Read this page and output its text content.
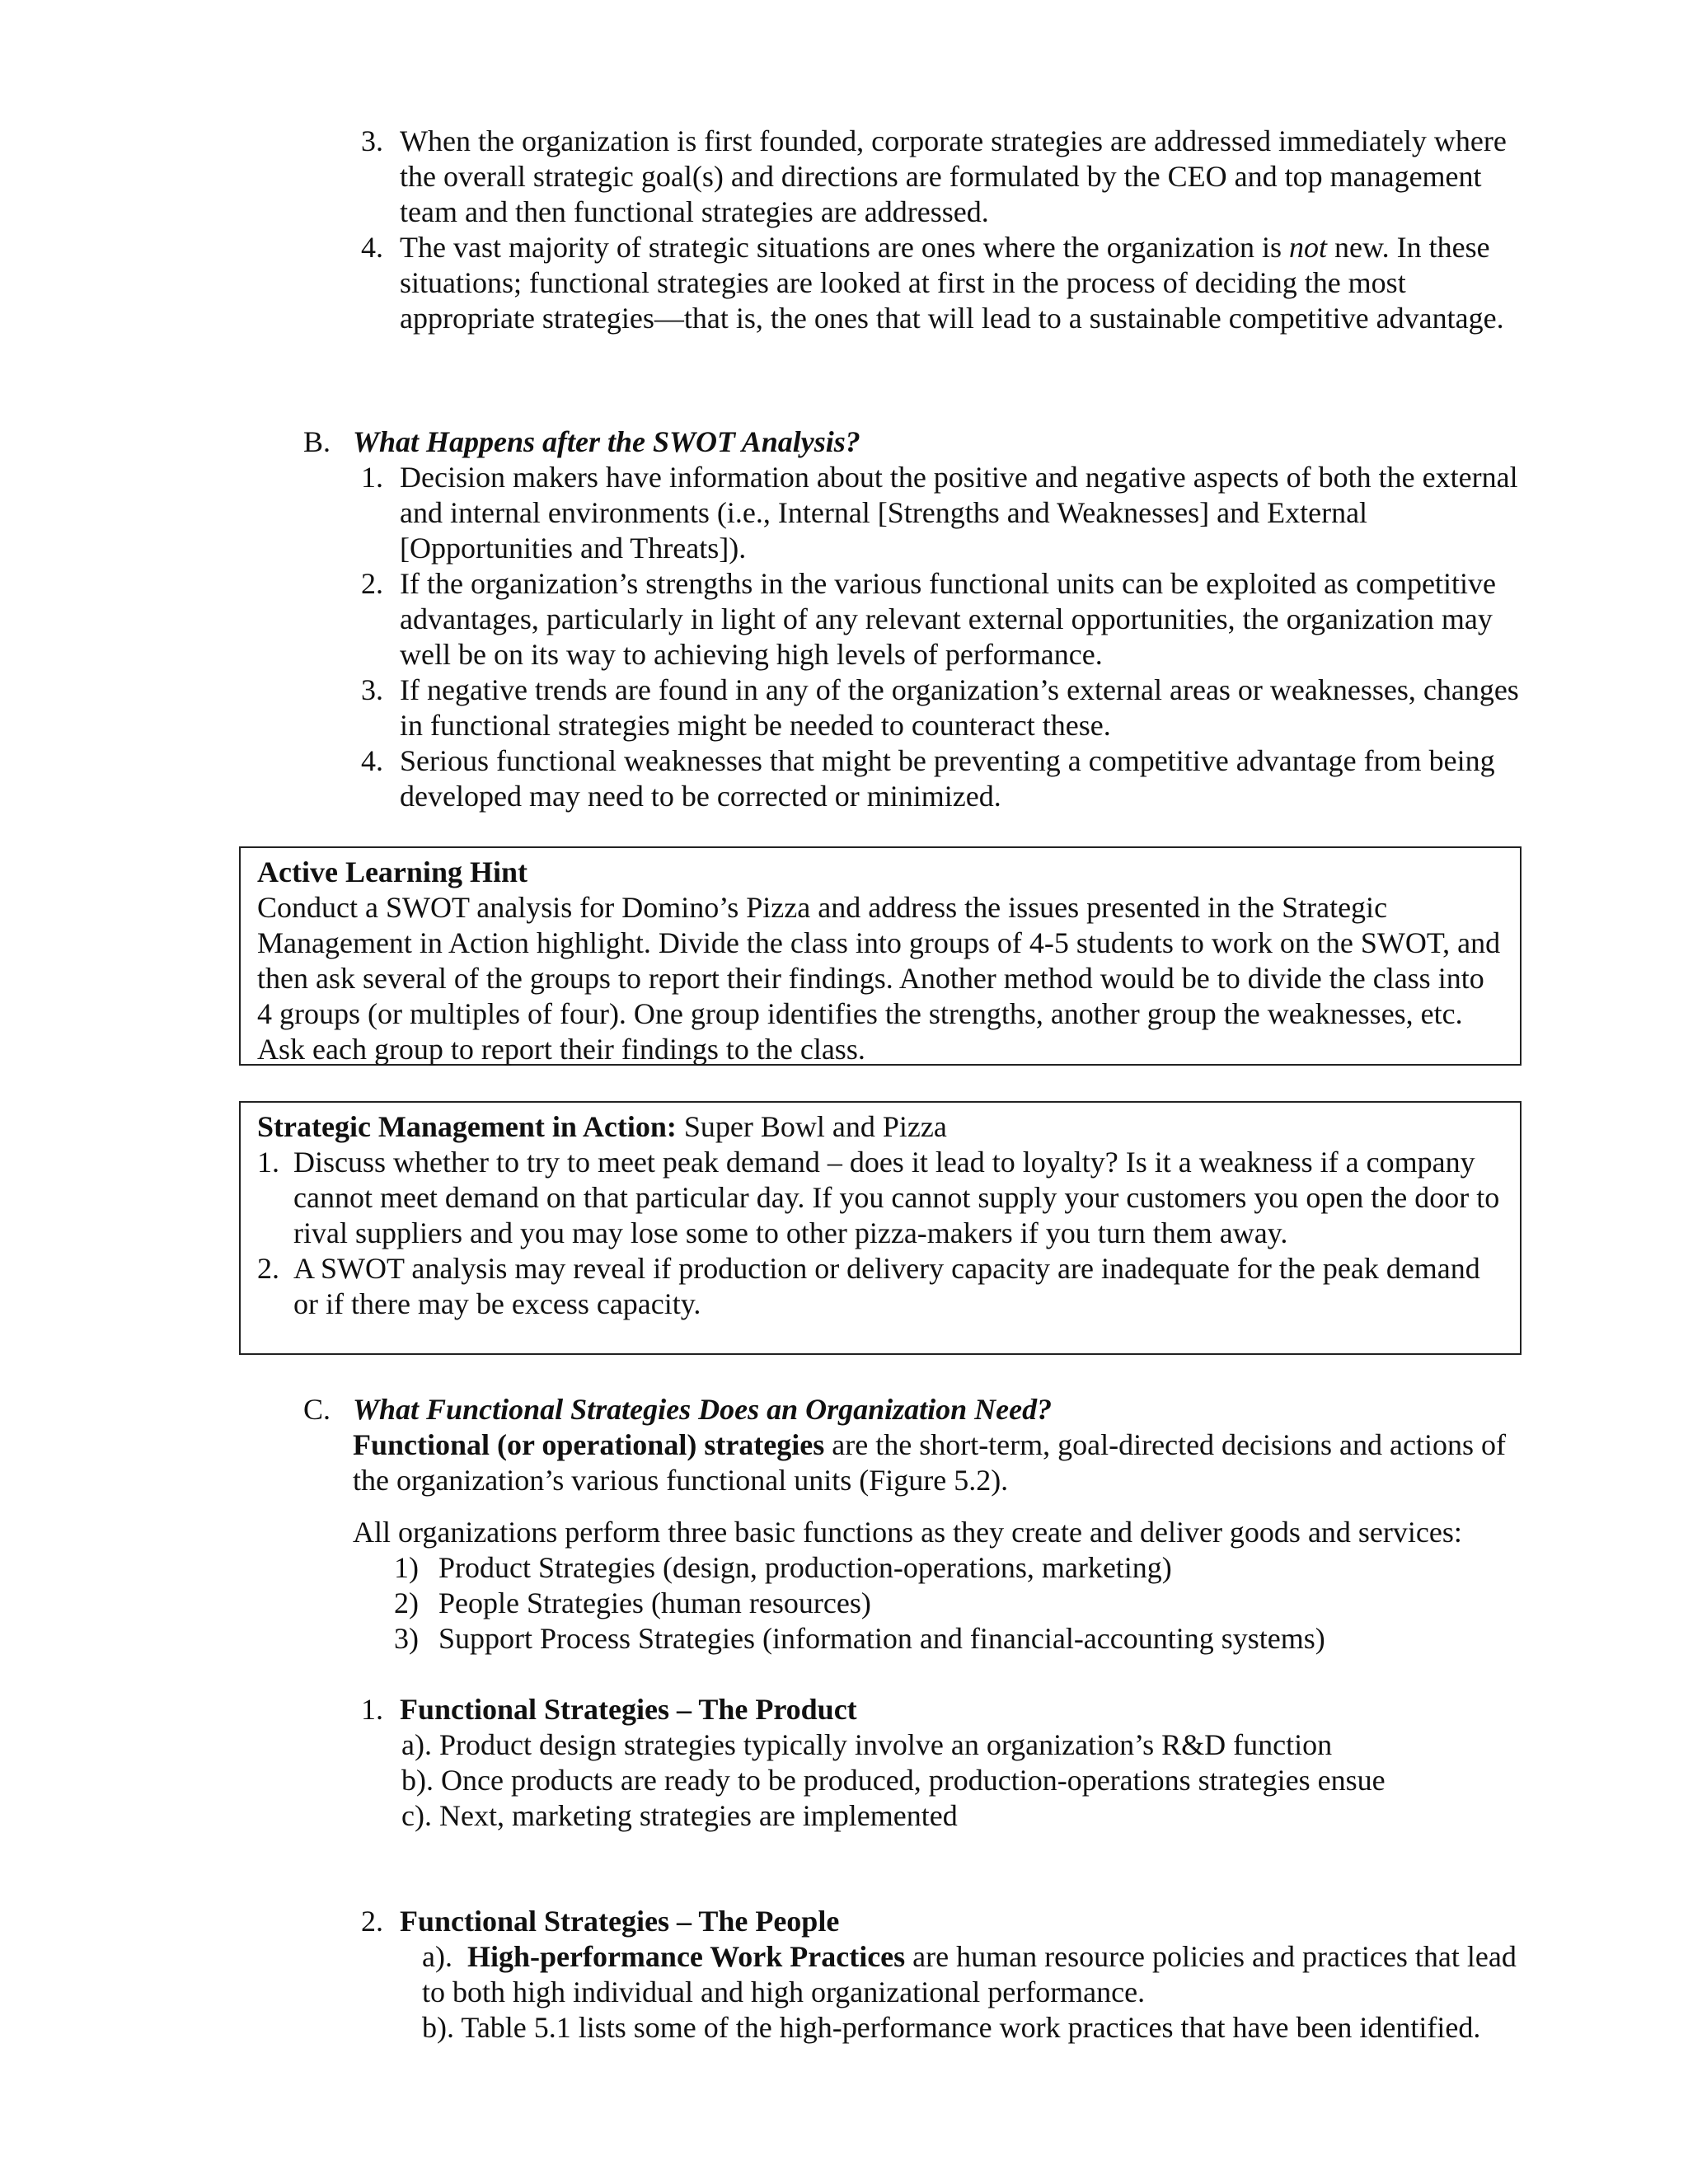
3. When the organization is first founded, corporate strategies are addressed immediately where the overall strategic goal(s) and directions are formulated by the CEO and top management team and then functional strategies are addressed.
4. The vast majority of strategic situations are ones where the organization is not new. In these situations; functional strategies are looked at first in the process of deciding the most appropriate strategies—that is, the ones that will lead to a sustainable competitive advantage.
B. What Happens after the SWOT Analysis?
1. Decision makers have information about the positive and negative aspects of both the external and internal environments (i.e., Internal [Strengths and Weaknesses] and External [Opportunities and Threats]).
2. If the organization’s strengths in the various functional units can be exploited as competitive advantages, particularly in light of any relevant external opportunities, the organization may well be on its way to achieving high levels of performance.
3. If negative trends are found in any of the organization’s external areas or weaknesses, changes in functional strategies might be needed to counteract these.
4. Serious functional weaknesses that might be preventing a competitive advantage from being developed may need to be corrected or minimized.
Active Learning Hint
Conduct a SWOT analysis for Domino’s Pizza and address the issues presented in the Strategic Management in Action highlight. Divide the class into groups of 4-5 students to work on the SWOT, and then ask several of the groups to report their findings. Another method would be to divide the class into 4 groups (or multiples of four). One group identifies the strengths, another group the weaknesses, etc. Ask each group to report their findings to the class.
Strategic Management in Action: Super Bowl and Pizza
1. Discuss whether to try to meet peak demand – does it lead to loyalty? Is it a weakness if a company cannot meet demand on that particular day. If you cannot supply your customers you open the door to rival suppliers and you may lose some to other pizza-makers if you turn them away.
2. A SWOT analysis may reveal if production or delivery capacity are inadequate for the peak demand or if there may be excess capacity.
C. What Functional Strategies Does an Organization Need?
Functional (or operational) strategies are the short-term, goal-directed decisions and actions of the organization’s various functional units (Figure 5.2).
All organizations perform three basic functions as they create and deliver goods and services:
1) Product Strategies (design, production-operations, marketing)
2) People Strategies (human resources)
3) Support Process Strategies (information and financial-accounting systems)
1. Functional Strategies – The Product
a). Product design strategies typically involve an organization’s R&D function
b). Once products are ready to be produced, production-operations strategies ensue
c). Next, marketing strategies are implemented
2. Functional Strategies – The People
a).  High-performance Work Practices are human resource policies and practices that lead to both high individual and high organizational performance.
b). Table 5.1 lists some of the high-performance work practices that have been identified.
